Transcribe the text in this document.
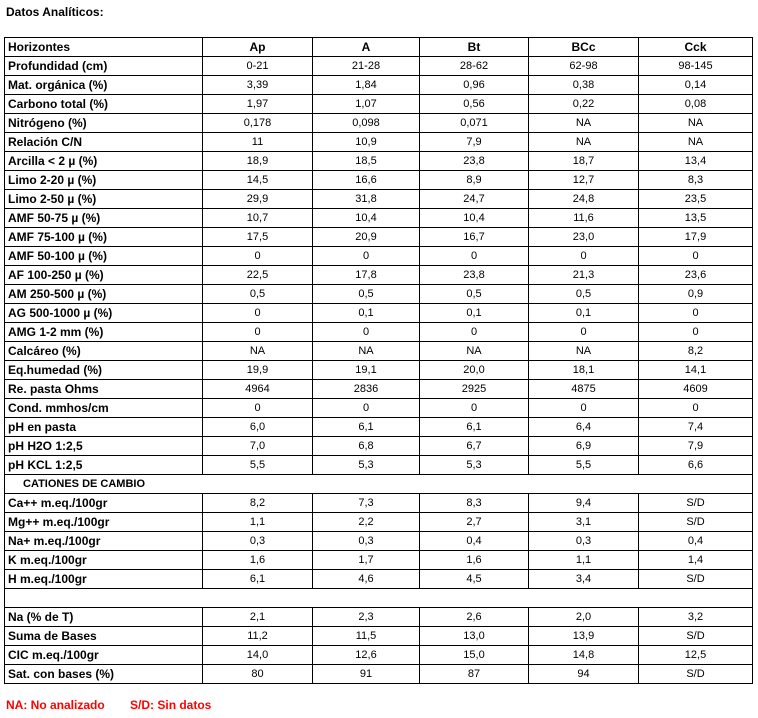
Datos Analíticos:
Horizontes	Ap	A	Bt	BCc	Cck
Profundidad (cm)	0-21	21-28	28-62	62-98	98-145
Mat. orgánica (%)	3,39	1,84	0,96	0,38	0,14
Carbono total (%)	1,97	1,07	0,56	0,22	0,08
Nitrógeno (%)	0,178	0,098	0,071	NA	NA
Relación C/N	11	10,9	7,9	NA	NA
Arcilla < 2 µ (%)	18,9	18,5	23,8	18,7	13,4
Limo 2-20 µ (%)	14,5	16,6	8,9	12,7	8,3
Limo 2-50 µ (%)	29,9	31,8	24,7	24,8	23,5
AMF 50-75 µ (%)	10,7	10,4	10,4	11,6	13,5
AMF 75-100 µ (%)	17,5	20,9	16,7	23,0	17,9
AMF 50-100 µ (%)	0	0	0	0	0
AF 100-250 µ (%)	22,5	17,8	23,8	21,3	23,6
AM 250-500 µ (%)	0,5	0,5	0,5	0,5	0,9
AG 500-1000 µ (%)	0	0,1	0,1	0,1	0
AMG 1-2 mm (%)	0	0	0	0	0
Calcáreo (%)	NA	NA	NA	NA	8,2
Eq.humedad (%)	19,9	19,1	20,0	18,1	14,1
Re. pasta Ohms	4964	2836	2925	4875	4609
Cond. mmhos/cm	0	0	0	0	0
pH en pasta	6,0	6,1	6,1	6,4	7,4
pH H2O 1:2,5	7,0	6,8	6,7	6,9	7,9
pH KCL 1:2,5	5,5	5,3	5,3	5,5	6,6
CATIONES DE CAMBIO					
Ca++ m.eq./100gr	8,2	7,3	8,3	9,4	S/D
Mg++ m.eq./100gr	1,1	2,2	2,7	3,1	S/D
Na+ m.eq./100gr	0,3	0,3	0,4	0,3	0,4
K m.eq./100gr	1,6	1,7	1,6	1,1	1,4
H m.eq./100gr	6,1	4,6	4,5	3,4	S/D

Na (% de T)	2,1	2,3	2,6	2,0	3,2
Suma de Bases	11,2	11,5	13,0	13,9	S/D
CIC m.eq./100gr	14,0	12,6	15,0	14,8	12,5
Sat. con bases (%)	80	91	87	94	S/D
NA: No analizado S/D: Sin datos
